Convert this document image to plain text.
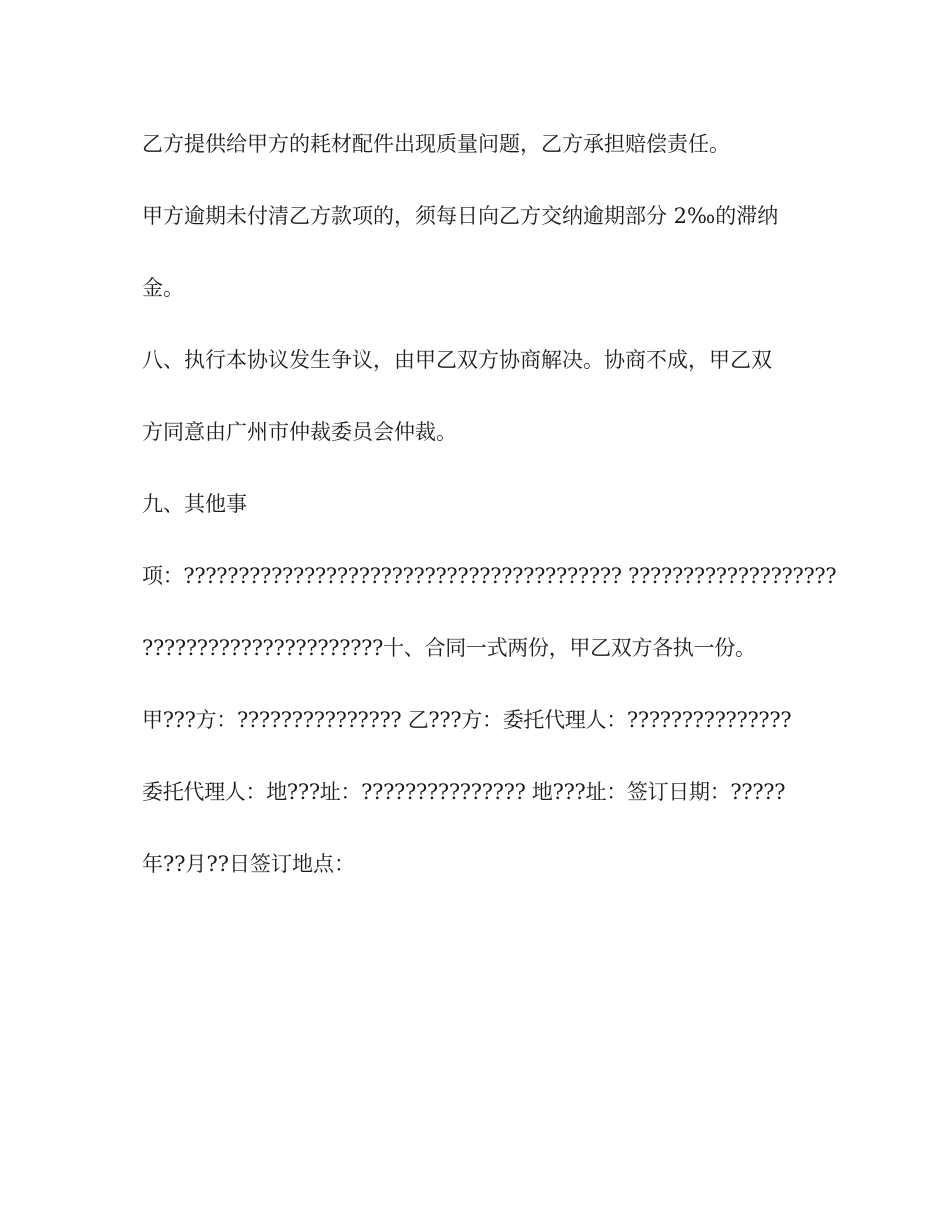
乙方提供给甲方的耗材配件出现质量问题，乙方承担赔偿责任。
甲方逾期未付清乙方款项的，须每日向乙方交纳逾期部分 2‰的滞纳
金。
八、执行本协议发生争议，由甲乙双方协商解决。协商不成，甲乙双
方同意由广州市仲裁委员会仲裁。
九、其他事
项：???????????????????????????????????????? ???????????????????
??????????????????????十、合同一式两份，甲乙双方各执一份。
甲???方：??????????????? 乙???方：委托代理人：???????????????
委托代理人：地???址：??????????????? 地???址：签订日期：?????
年??月??日签订地点：
